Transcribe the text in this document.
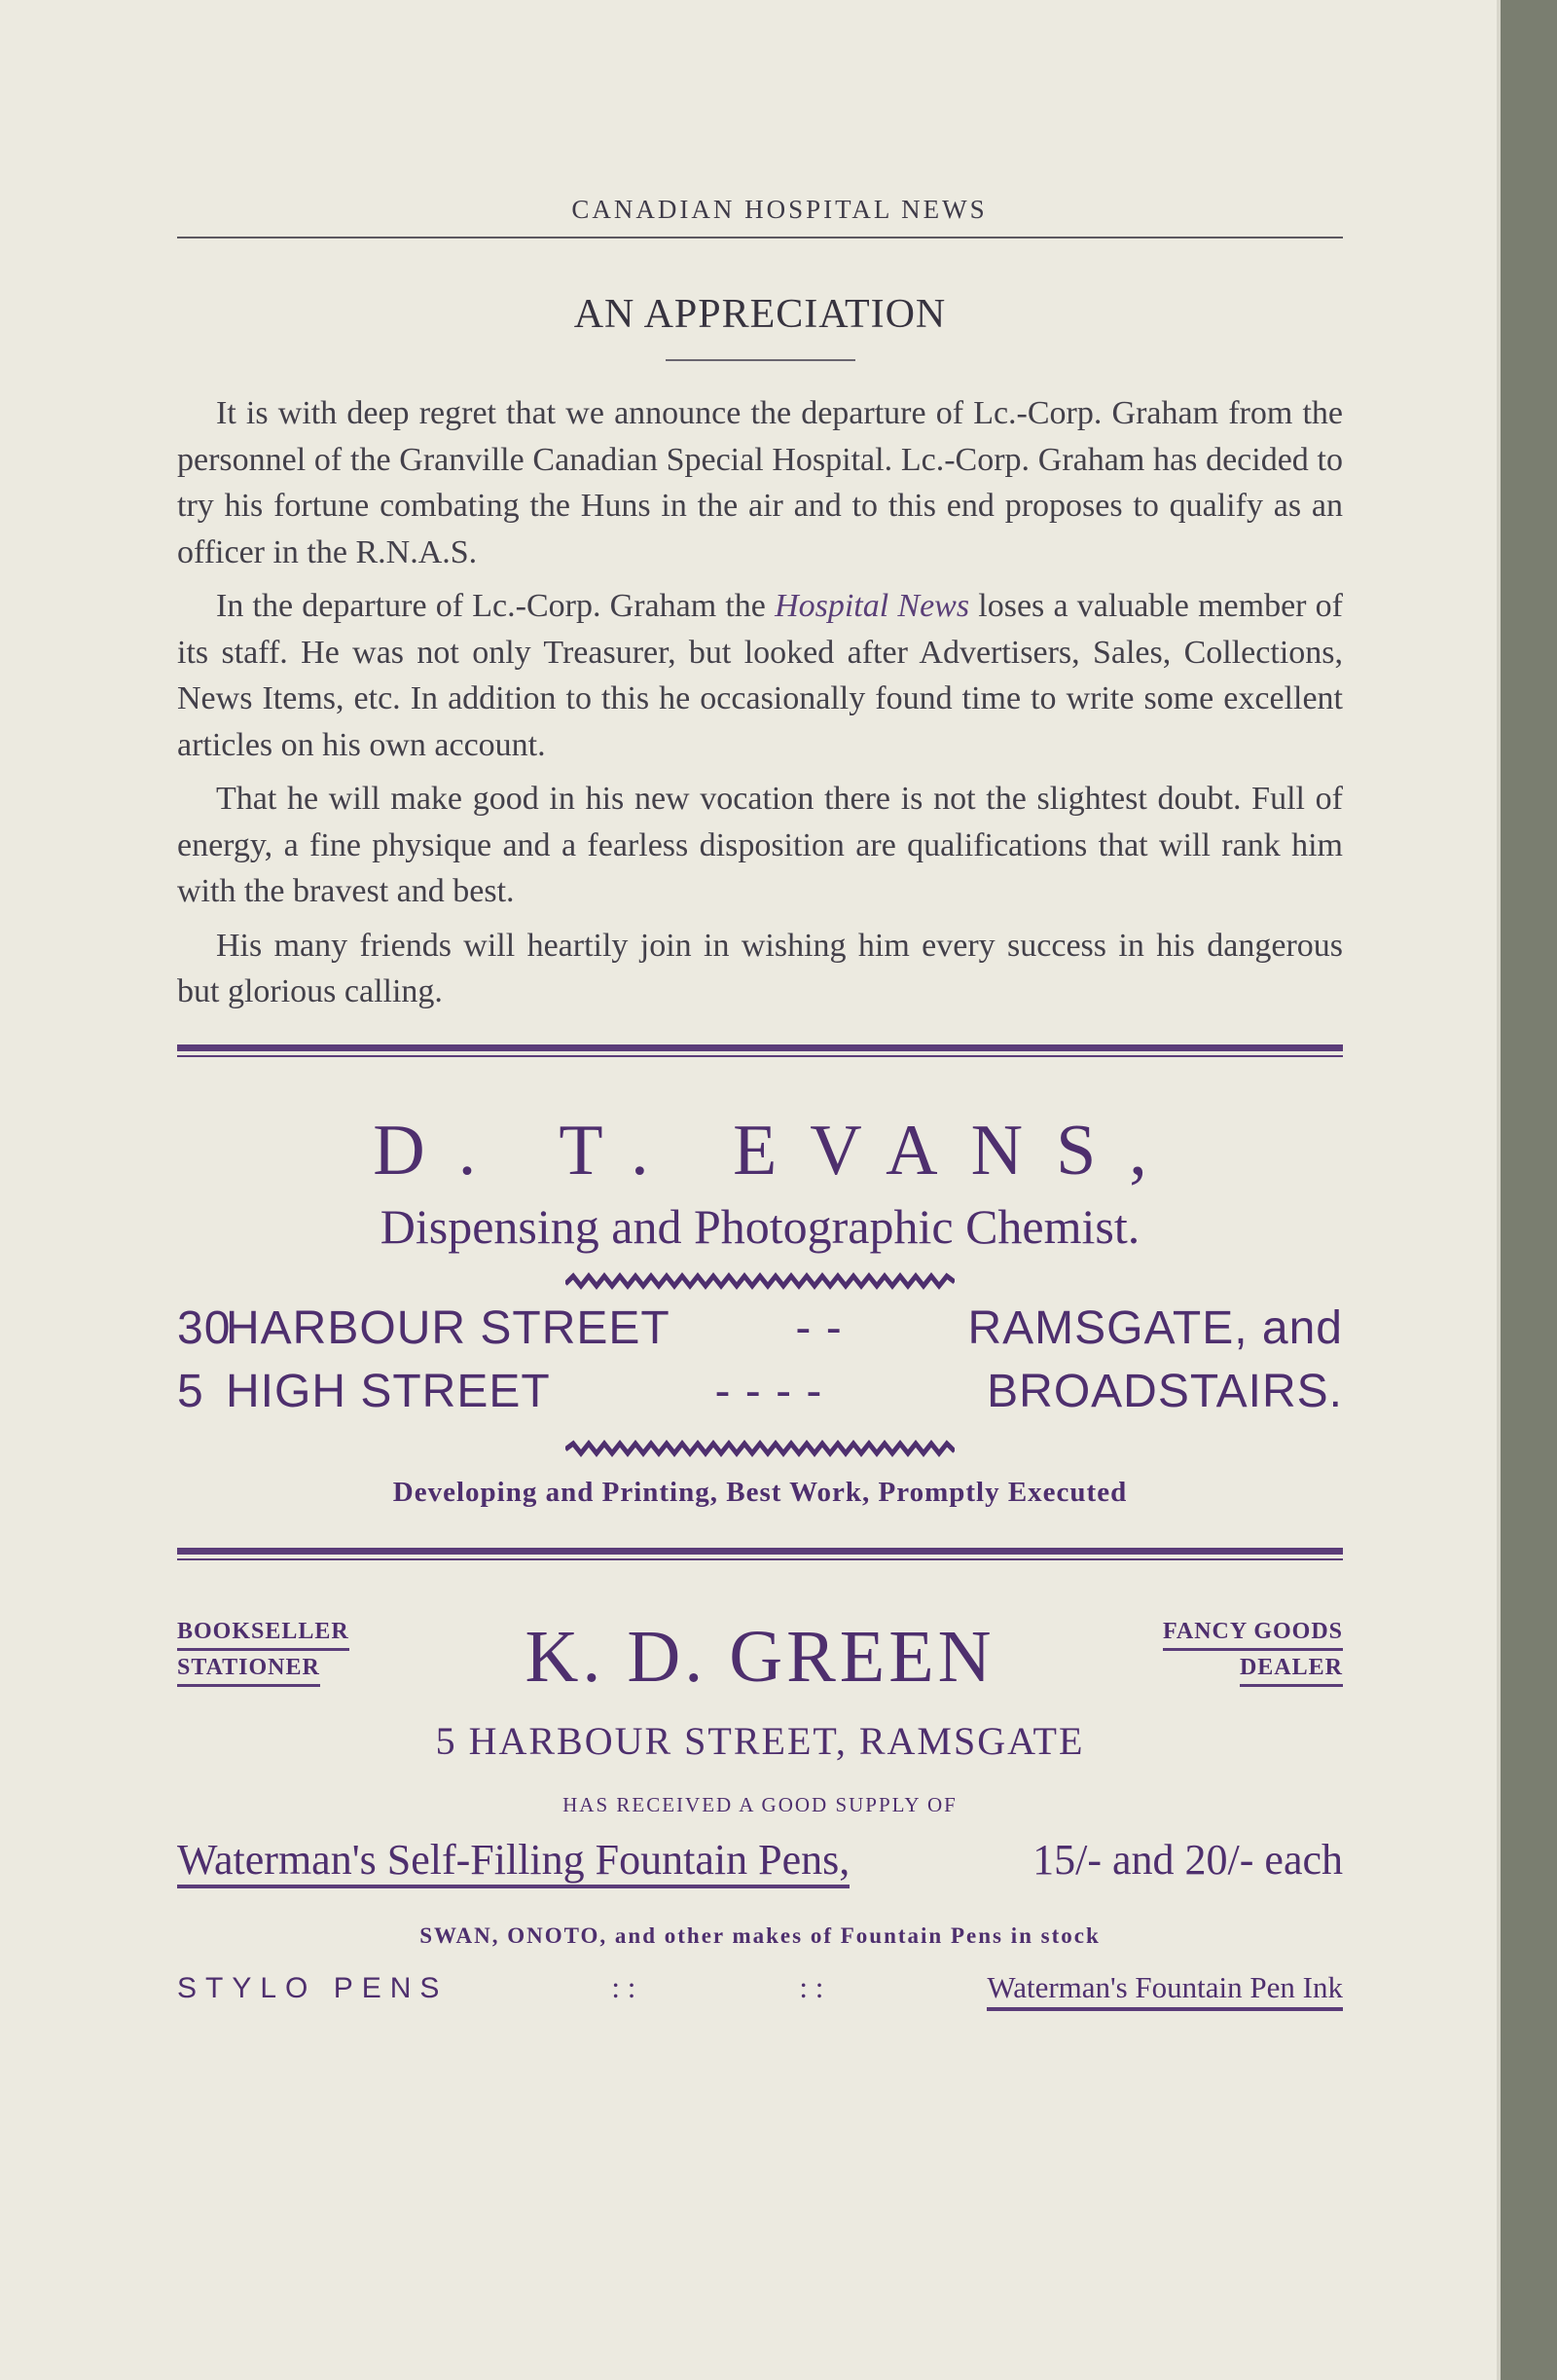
CANADIAN HOSPITAL NEWS
AN APPRECIATION

It is with deep regret that we announce the departure of Lc.-Corp. Graham from the personnel of the Granville Canadian Special Hospital. Lc.-Corp. Graham has decided to try his fortune combating the Huns in the air and to this end proposes to qualify as an officer in the R.N.A.S.

In the departure of Lc.-Corp. Graham the Hospital News loses a valuable member of its staff. He was not only Treasurer, but looked after Advertisers, Sales, Collections, News Items, etc. In addition to this he occasionally found time to write some excellent articles on his own account.

That he will make good in his new vocation there is not the slightest doubt. Full of energy, a fine physique and a fearless disposition are qualifications that will rank him with the bravest and best.

His many friends will heartily join in wishing him every success in his dangerous but glorious calling.

D. T. EVANS,
Dispensing and Photographic Chemist.
30HARBOUR STREET	- -	RAMSGATE, and
5 HIGH STREET	- - - -	BROADSTAIRS.
Developing and Printing, Best Work, Promptly Executed
BOOKSELLER
STATIONER	K. D. GREEN	FANCY GOODS
DEALER
5 HARBOUR STREET, RAMSGATE
HAS RECEIVED A GOOD SUPPLY OF
Waterman's Self-Filling Fountain Pens,	15/- and 20/- each
SWAN, ONOTO, and other makes of Fountain Pens in stock
STYLO PENS	: :	: :	Waterman's Fountain Pen Ink
